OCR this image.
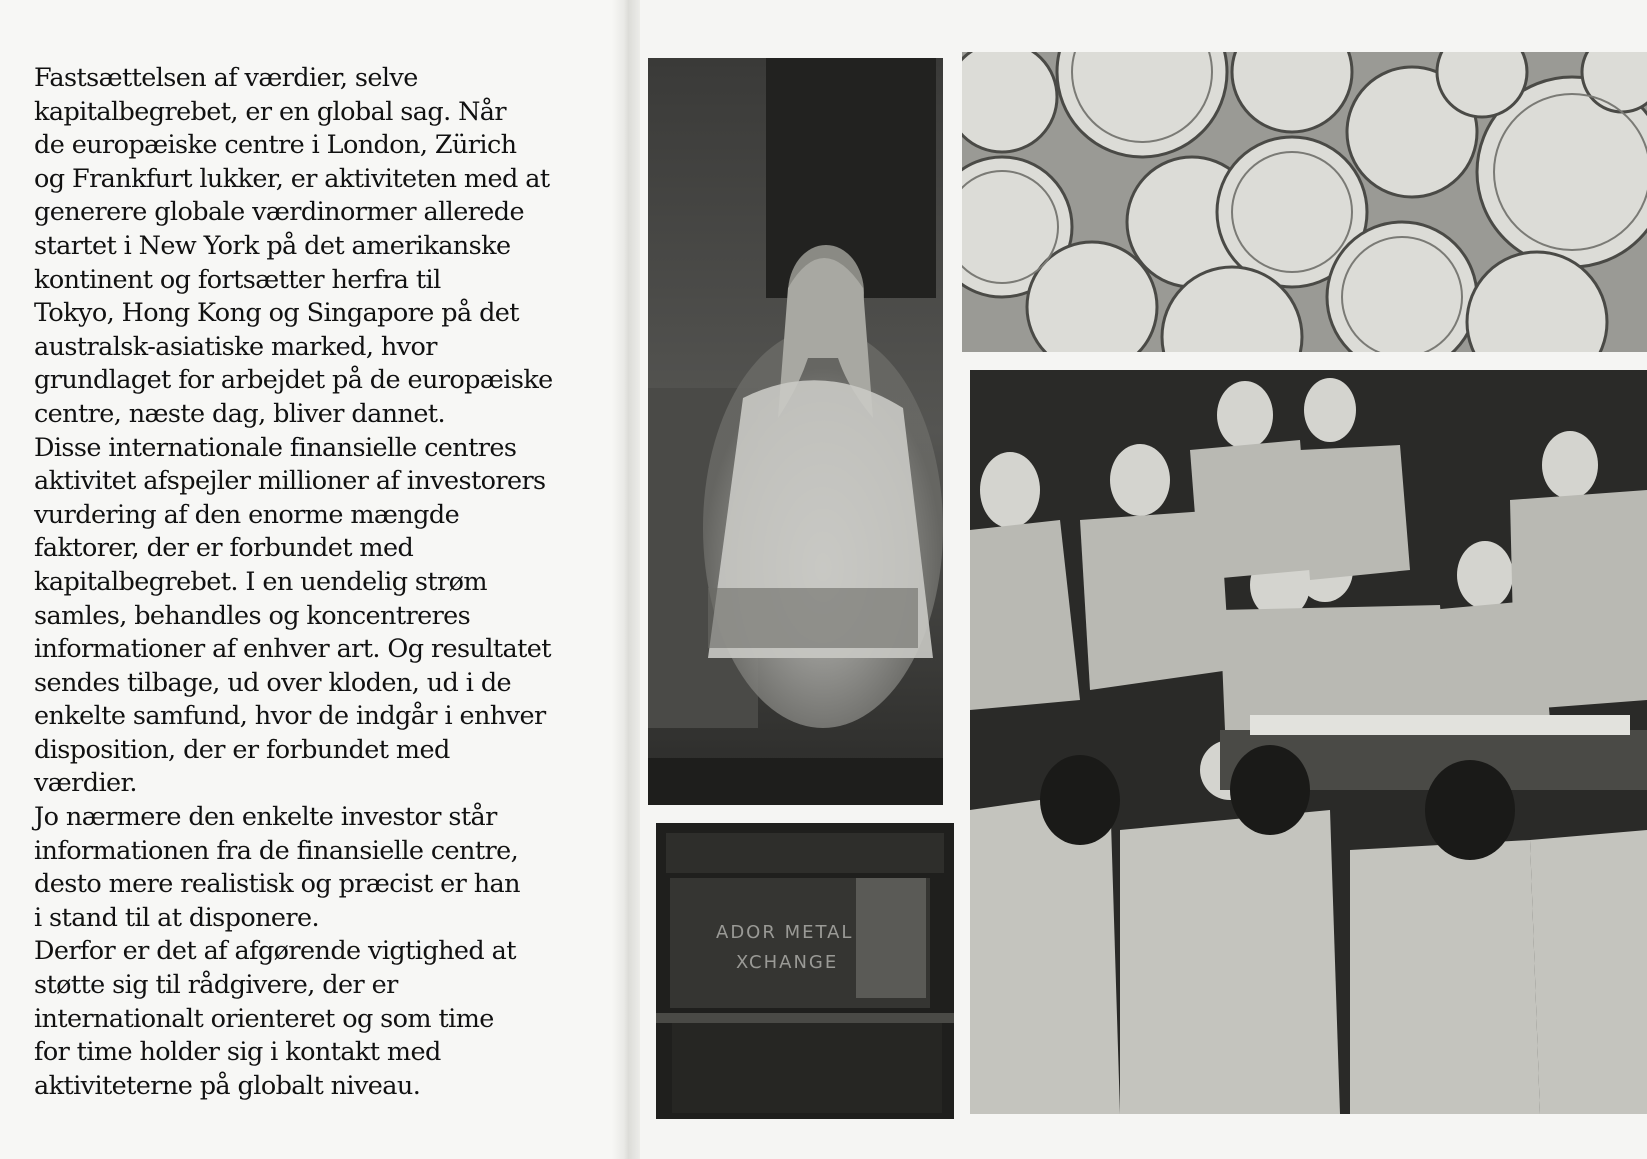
Fastsættelsen af værdier, selve
kapitalbegrebet, er en global sag. Når
de europæiske centre i London, Zürich
og Frankfurt lukker, er aktiviteten med at
generere globale værdinormer allerede
startet i New York på det amerikanske
kontinent og fortsætter herfra til
Tokyo, Hong Kong og Singapore på det
australsk-asiatiske marked, hvor
grundlaget for arbejdet på de europæiske
centre, næste dag, bliver dannet.

Disse internationale finansielle centres
aktivitet afspejler millioner af investorers
vurdering af den enorme mængde
faktorer, der er forbundet med
kapitalbegrebet. I en uendelig strøm
samles, behandles og koncentreres
informationer af enhver art. Og resultatet
sendes tilbage, ud over kloden, ud i de
enkelte samfund, hvor de indgår i enhver
disposition, der er forbundet med
værdier.

Jo nærmere den enkelte investor står
informationen fra de finansielle centre,
desto mere realistisk og præcist er han
i stand til at disponere.

Derfor er det af afgørende vigtighed at
støtte sig til rådgivere, der er
internationalt orienteret og som time
for time holder sig i kontakt med
aktiviteterne på globalt niveau.

ADOR METAL
XCHANGE
